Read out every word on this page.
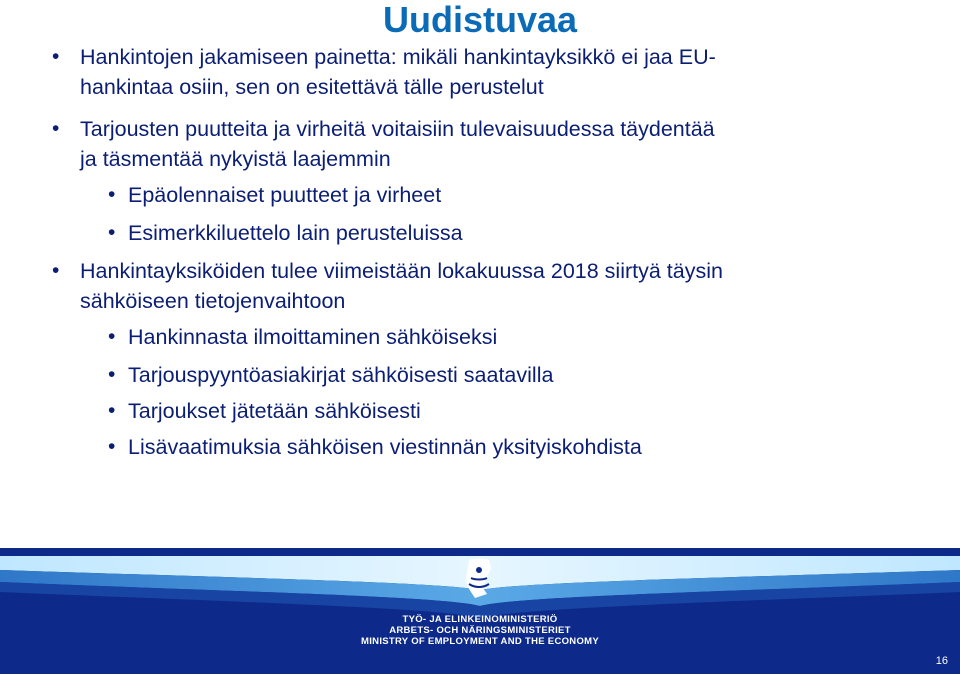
Uudistuvaa
• Hankintojen jakamiseen painetta: mikäli hankintayksikkö ei jaa EU-
hankintaa osiin, sen on esitettävä tälle perustelut
• Tarjousten puutteita ja virheitä voitaisiin tulevaisuudessa täydentää
ja täsmentää nykyistä laajemmin
• Epäolennaiset puutteet ja virheet
• Esimerkkiluettelo lain perusteluissa
• Hankintayksiköiden tulee viimeistään lokakuussa 2018 siirtyä täysin
sähköiseen tietojenvaihtoon
• Hankinnasta ilmoittaminen sähköiseksi
• Tarjouspyyntöasiakirjat sähköisesti saatavilla
• Tarjoukset jätetään sähköisesti
• Lisävaatimuksia sähköisen viestinnän yksityiskohdista
TYÖ- JA ELINKEINOMINISTERIÖ
ARBETS- OCH NÄRINGSMINISTERIET
MINISTRY OF EMPLOYMENT AND THE ECONOMY
16
